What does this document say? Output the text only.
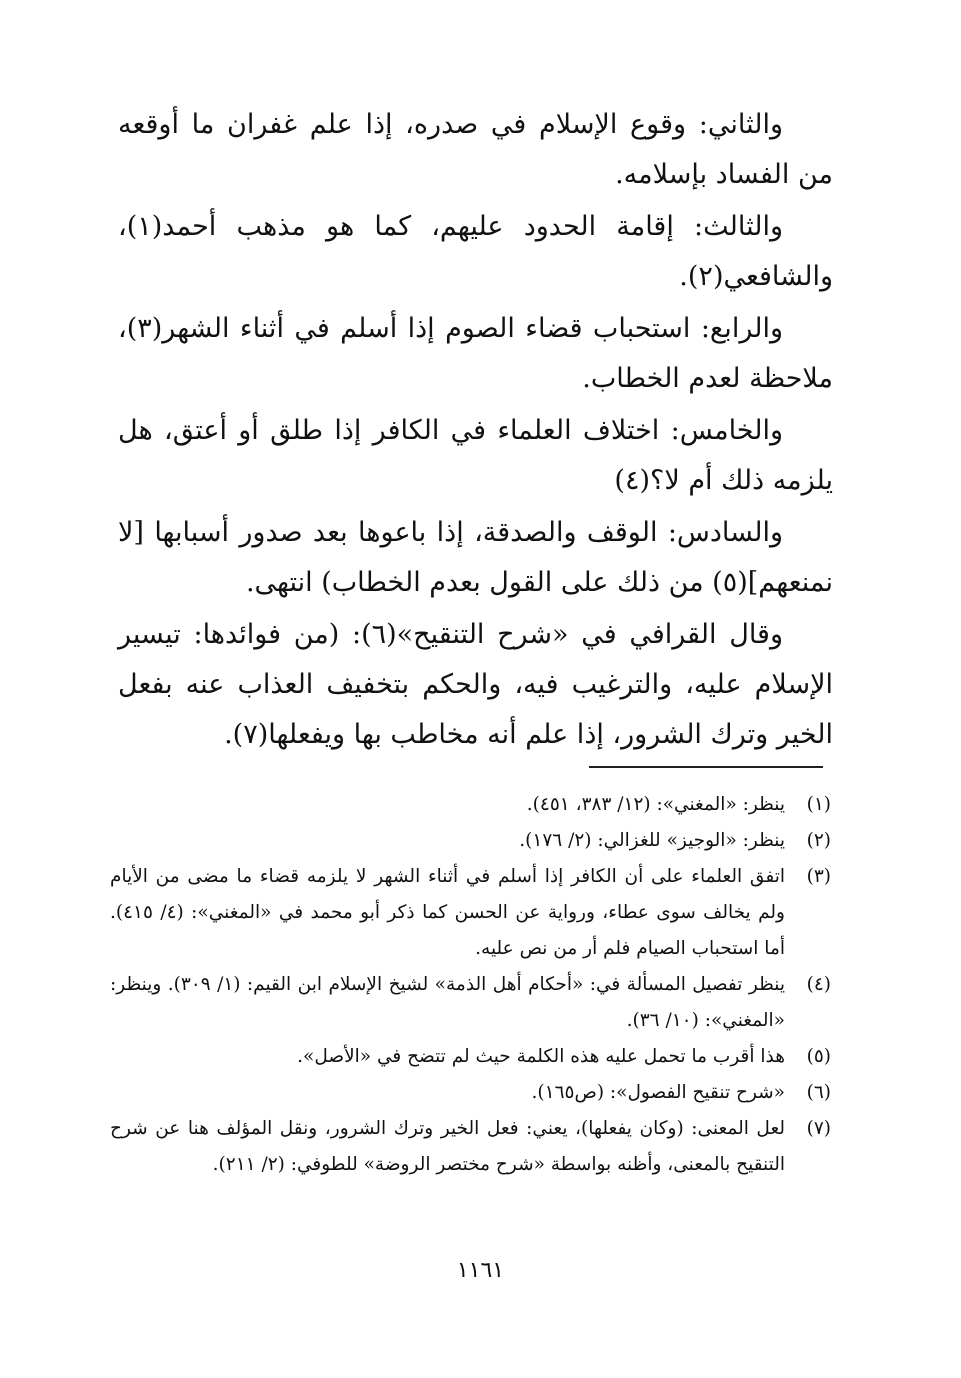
والثاني: وقوع الإسلام في صدره، إذا علم غفران ما أوقعه من الفساد بإسلامه.

والثالث: إقامة الحدود عليهم، كما هو مذهب أحمد(١)، والشافعي(٢).

والرابع: استحباب قضاء الصوم إذا أسلم في أثناء الشهر(٣)، ملاحظة لعدم الخطاب.

والخامس: اختلاف العلماء في الكافر إذا طلق أو أعتق، هل يلزمه ذلك أم لا؟(٤)

والسادس: الوقف والصدقة، إذا باعوها بعد صدور أسبابها [لا نمنعهم](٥) من ذلك على القول بعدم الخطاب) انتهى.

وقال القرافي في «شرح التنقيح»(٦): (من فوائدها: تيسير الإسلام عليه، والترغيب فيه، والحكم بتخفيف العذاب عنه بفعل الخير وترك الشرور، إذا علم أنه مخاطب بها ويفعلها(٧).

(١)
ينظر: «المغني»: (١٢/ ٣٨٣، ٤٥١).
(٢)
ينظر: «الوجيز» للغزالي: (٢/ ١٧٦).
(٣)
اتفق العلماء على أن الكافر إذا أسلم في أثناء الشهر لا يلزمه قضاء ما مضى من الأيام ولم يخالف سوى عطاء، ورواية عن الحسن كما ذكر أبو محمد في «المغني»: (٤/ ٤١٥). أما استحباب الصيام فلم أر من نص عليه.
(٤)
ينظر تفصيل المسألة في: «أحكام أهل الذمة» لشيخ الإسلام ابن القيم: (١/ ٣٠٩). وينظر: «المغني»: (١٠/ ٣٦).
(٥)
هذا أقرب ما تحمل عليه هذه الكلمة حيث لم تتضح في «الأصل».
(٦)
«شرح تنقيح الفصول»: (ص١٦٥).
(٧)
لعل المعنى: (وكان يفعلها)، يعني: فعل الخير وترك الشرور، ونقل المؤلف هنا عن شرح التنقيح بالمعنى، وأظنه بواسطة «شرح مختصر الروضة» للطوفي: (٢/ ٢١١).
١١٦١
